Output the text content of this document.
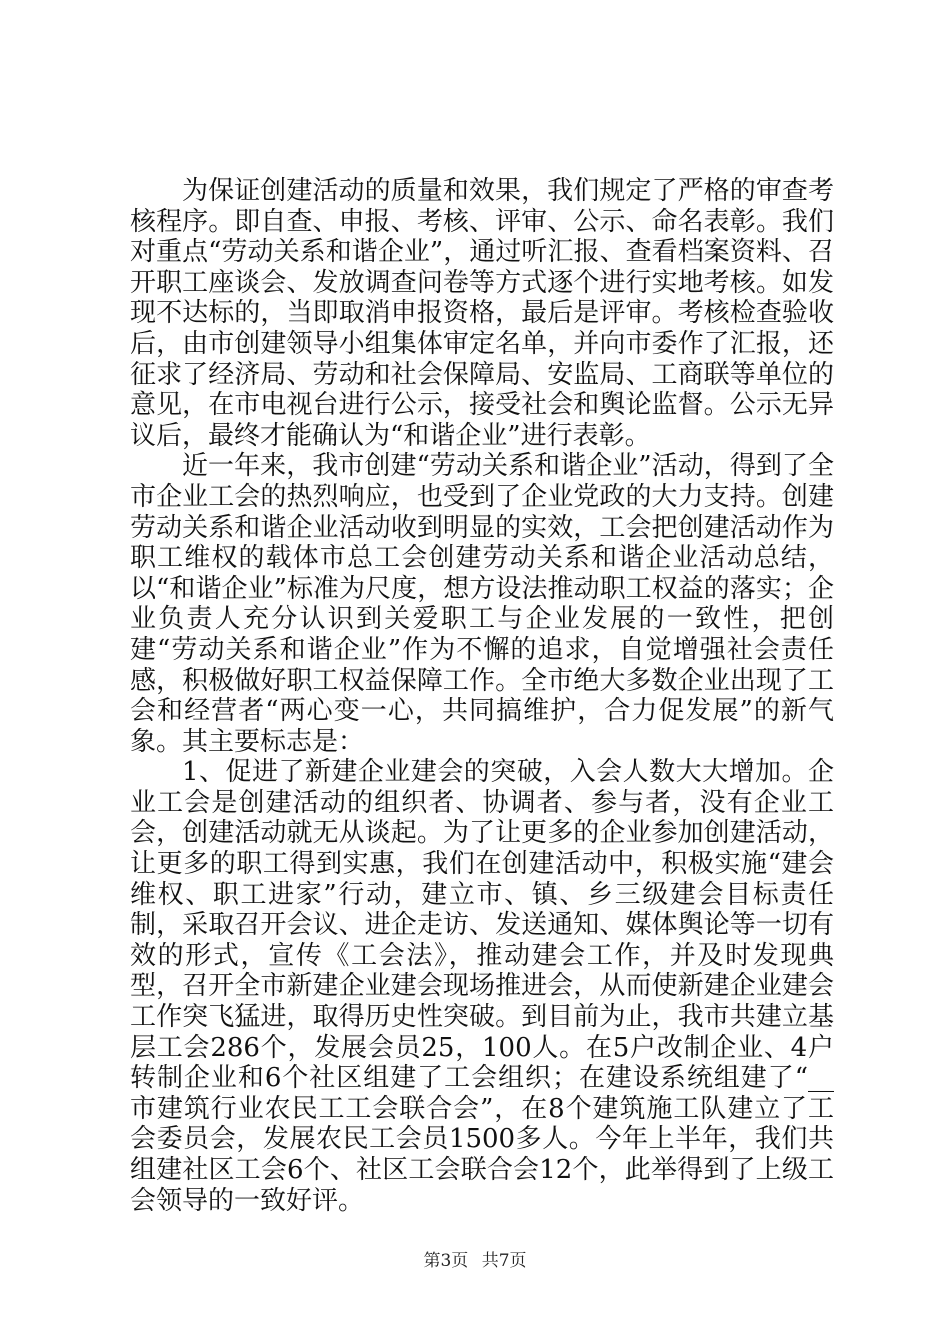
为保证创建活动的质量和效果，我们规定了严格的审查考核程序。即自查、申报、考核、评审、公示、命名表彰。我们对重点“劳动关系和谐企业”，通过听汇报、查看档案资料、召开职工座谈会、发放调查问卷等方式逐个进行实地考核。如发现不达标的，当即取消申报资格，最后是评审。考核检查验收后，由市创建领导小组集体审定名单，并向市委作了汇报，还征求了经济局、劳动和社会保障局、安监局、工商联等单位的意见，在市电视台进行公示，接受社会和舆论监督。公示无异议后，最终才能确认为“和谐企业”进行表彰。

近一年来，我市创建“劳动关系和谐企业”活动，得到了全市企业工会的热烈响应，也受到了企业党政的大力支持。创建劳动关系和谐企业活动收到明显的实效，工会把创建活动作为职工维权的载体市总工会创建劳动关系和谐企业活动总结，以“和谐企业”标准为尺度，想方设法推动职工权益的落实；企业负责人充分认识到关爱职工与企业发展的一致性，把创建“劳动关系和谐企业”作为不懈的追求，自觉增强社会责任感，积极做好职工权益保障工作。全市绝大多数企业出现了工会和经营者“两心变一心，共同搞维护，合力促发展”的新气象。其主要标志是：

1、促进了新建企业建会的突破，入会人数大大增加。企业工会是创建活动的组织者、协调者、参与者，没有企业工会，创建活动就无从谈起。为了让更多的企业参加创建活动，让更多的职工得到实惠，我们在创建活动中，积极实施“建会维权、职工进家”行动，建立市、镇、乡三级建会目标责任制，采取召开会议、进企走访、发送通知、媒体舆论等一切有效的形式，宣传《工会法》，推动建会工作，并及时发现典型，召开全市新建企业建会现场推进会，从而使新建企业建会工作突飞猛进，取得历史性突破。到目前为止，我市共建立基层工会286个，发展会员25，100人。在5户改制企业、4户转制企业和6个社区组建了工会组织；在建设系统组建了“__市建筑行业农民工工会联合会”，在8个建筑施工队建立了工会委员会，发展农民工会员1500多人。今年上半年，我们共组建社区工会6个、社区工会联合会12个，此举得到了上级工会领导的一致好评。

第3页 共7页
